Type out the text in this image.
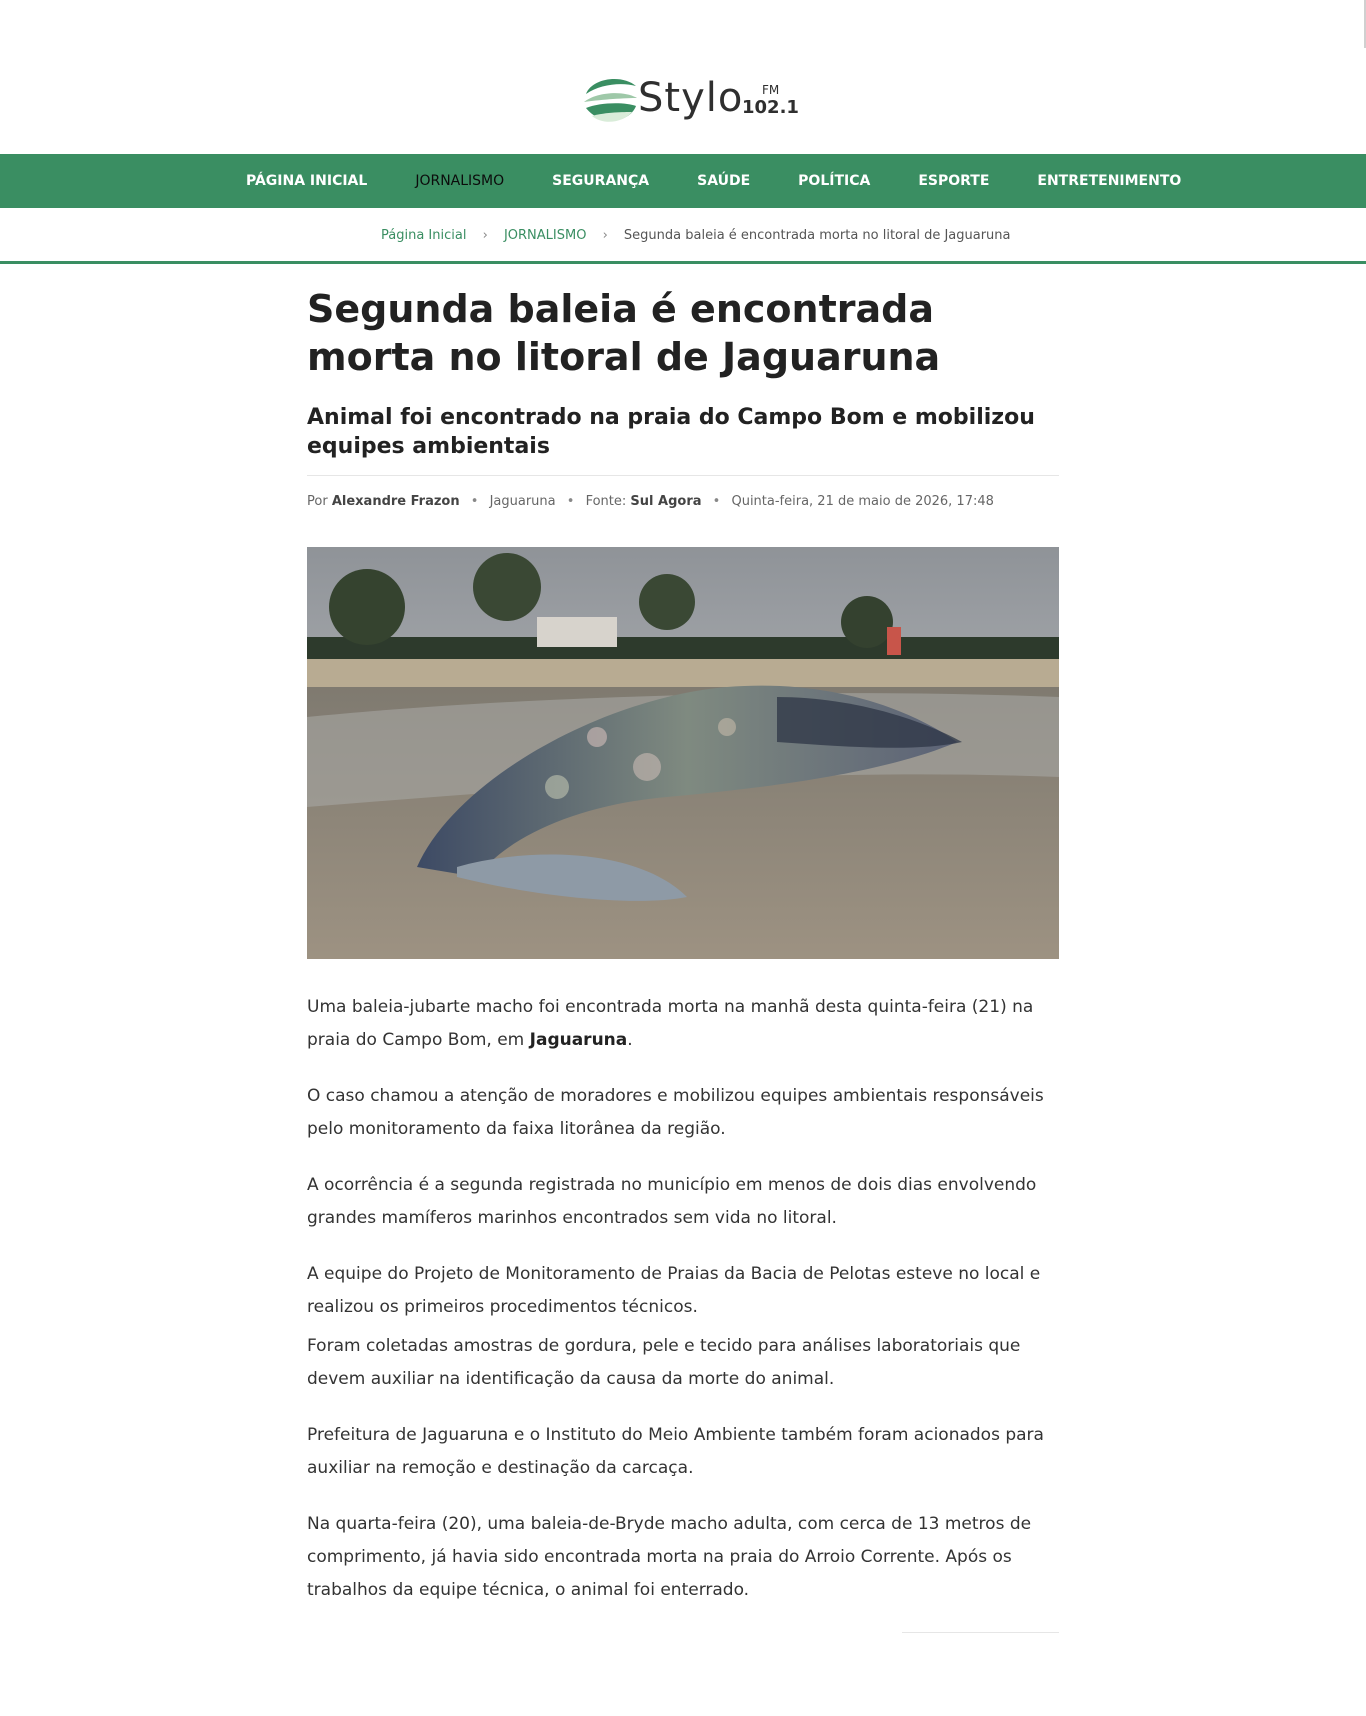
Stylo FM
102.1
PÁGINA INICIAL	JORNALISMO	SEGURANÇA	SAÚDE	POLÍTICA	ESPORTE	ENTRETENIMENTO
Página Inicial › JORNALISMO › Segunda baleia é encontrada morta no litoral de Jaguaruna
Segunda baleia é encontrada morta no litoral de Jaguaruna
Animal foi encontrado na praia do Campo Bom e mobilizou equipes ambientais
Por Alexandre Frazon • Jaguaruna • Fonte: Sul Agora • Quinta-feira, 21 de maio de 2026, 17:48

Uma baleia-jubarte macho foi encontrada morta na manhã desta quinta-feira (21) na praia do Campo Bom, em Jaguaruna.

O caso chamou a atenção de moradores e mobilizou equipes ambientais responsáveis pelo monitoramento da faixa litorânea da região.

A ocorrência é a segunda registrada no município em menos de dois dias envolvendo grandes mamíferos marinhos encontrados sem vida no litoral.

A equipe do Projeto de Monitoramento de Praias da Bacia de Pelotas esteve no local e realizou os primeiros procedimentos técnicos.

Foram coletadas amostras de gordura, pele e tecido para análises laboratoriais que devem auxiliar na identificação da causa da morte do animal.

Prefeitura de Jaguaruna e o Instituto do Meio Ambiente também foram acionados para auxiliar na remoção e destinação da carcaça.

Na quarta-feira (20), uma baleia-de-Bryde macho adulta, com cerca de 13 metros de comprimento, já havia sido encontrada morta na praia do Arroio Corrente. Após os trabalhos da equipe técnica, o animal foi enterrado.
